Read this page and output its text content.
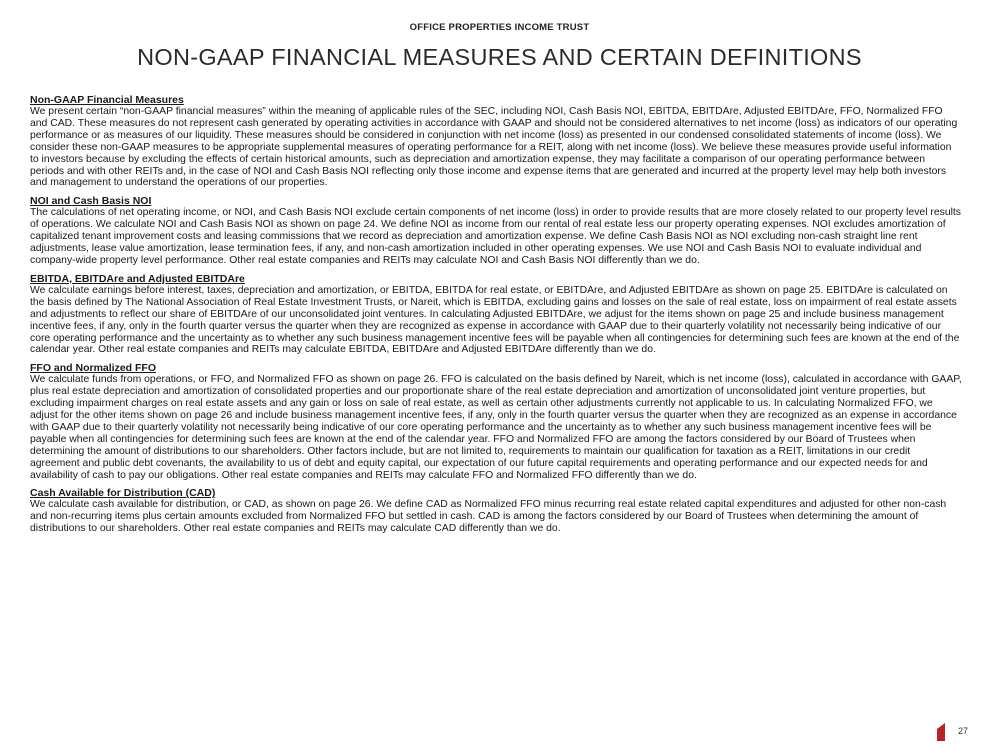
OFFICE PROPERTIES INCOME TRUST
NON-GAAP FINANCIAL MEASURES AND CERTAIN DEFINITIONS

Non-GAAP Financial Measures

We present certain “non-GAAP financial measures” within the meaning of applicable rules of the SEC, including NOI, Cash Basis NOI, EBITDA, EBITDAre, Adjusted EBITDAre, FFO, Normalized FFO and CAD. These measures do not represent cash generated by operating activities in accordance with GAAP and should not be considered alternatives to net income (loss) as indicators of our operating performance or as measures of our liquidity. These measures should be considered in conjunction with net income (loss) as presented in our condensed consolidated statements of income (loss). We consider these non-GAAP measures to be appropriate supplemental measures of operating performance for a REIT, along with net income (loss). We believe these measures provide useful information to investors because by excluding the effects of certain historical amounts, such as depreciation and amortization expense, they may facilitate a comparison of our operating performance between periods and with other REITs and, in the case of NOI and Cash Basis NOI reflecting only those income and expense items that are generated and incurred at the property level may help both investors and management to understand the operations of our properties.

NOI and Cash Basis NOI

The calculations of net operating income, or NOI, and Cash Basis NOI exclude certain components of net income (loss) in order to provide results that are more closely related to our property level results of operations. We calculate NOI and Cash Basis NOI as shown on page 24. We define NOI as income from our rental of real estate less our property operating expenses. NOI excludes amortization of capitalized tenant improvement costs and leasing commissions that we record as depreciation and amortization expense. We define Cash Basis NOI as NOI excluding non-cash straight line rent adjustments, lease value amortization, lease termination fees, if any, and non-cash amortization included in other operating expenses. We use NOI and Cash Basis NOI to evaluate individual and company-wide property level performance. Other real estate companies and REITs may calculate NOI and Cash Basis NOI differently than we do.

EBITDA, EBITDAre and Adjusted EBITDAre

We calculate earnings before interest, taxes, depreciation and amortization, or EBITDA, EBITDA for real estate, or EBITDAre, and Adjusted EBITDAre as shown on page 25. EBITDAre is calculated on the basis defined by The National Association of Real Estate Investment Trusts, or Nareit, which is EBITDA, excluding gains and losses on the sale of real estate, loss on impairment of real estate assets and adjustments to reflect our share of EBITDAre of our unconsolidated joint ventures. In calculating Adjusted EBITDAre, we adjust for the items shown on page 25 and include business management incentive fees, if any, only in the fourth quarter versus the quarter when they are recognized as expense in accordance with GAAP due to their quarterly volatility not necessarily being indicative of our core operating performance and the uncertainty as to whether any such business management incentive fees will be payable when all contingencies for determining such fees are known at the end of the calendar year. Other real estate companies and REITs may calculate EBITDA, EBITDAre and Adjusted EBITDAre differently than we do.

FFO and Normalized FFO

We calculate funds from operations, or FFO, and Normalized FFO as shown on page 26. FFO is calculated on the basis defined by Nareit, which is net income (loss), calculated in accordance with GAAP, plus real estate depreciation and amortization of consolidated properties and our proportionate share of the real estate depreciation and amortization of unconsolidated joint venture properties, but excluding impairment charges on real estate assets and any gain or loss on sale of real estate, as well as certain other adjustments currently not applicable to us. In calculating Normalized FFO, we adjust for the other items shown on page 26 and include business management incentive fees, if any, only in the fourth quarter versus the quarter when they are recognized as an expense in accordance with GAAP due to their quarterly volatility not necessarily being indicative of our core operating performance and the uncertainty as to whether any such business management incentive fees will be payable when all contingencies for determining such fees are known at the end of the calendar year. FFO and Normalized FFO are among the factors considered by our Board of Trustees when determining the amount of distributions to our shareholders. Other factors include, but are not limited to, requirements to maintain our qualification for taxation as a REIT, limitations in our credit agreement and public debt covenants, the availability to us of debt and equity capital, our expectation of our future capital requirements and operating performance and our expected needs for and availability of cash to pay our obligations. Other real estate companies and REITs may calculate FFO and Normalized FFO differently than we do.

Cash Available for Distribution (CAD)

We calculate cash available for distribution, or CAD, as shown on page 26. We define CAD as Normalized FFO minus recurring real estate related capital expenditures and adjusted for other non-cash and non-recurring items plus certain amounts excluded from Normalized FFO but settled in cash. CAD is among the factors considered by our Board of Trustees when determining the amount of distributions to our shareholders. Other real estate companies and REITs may calculate CAD differently than we do.

27
